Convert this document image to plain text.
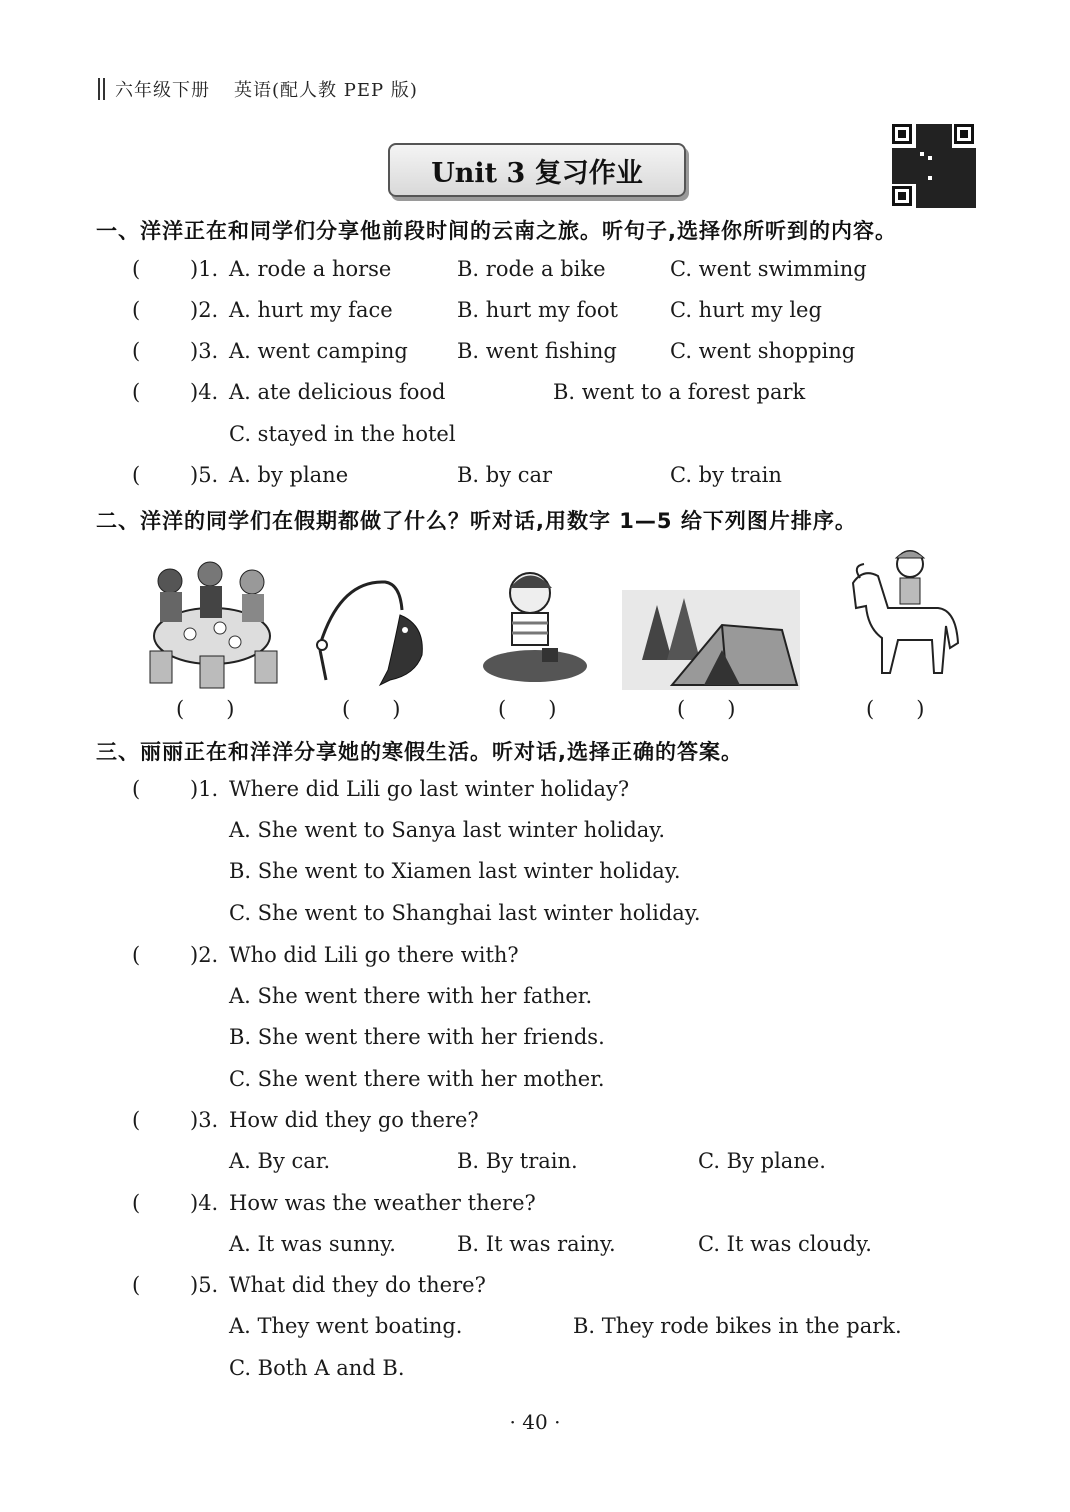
六年级下册 英语(配人教 PEP 版)
Unit 3 复习作业
一、洋洋正在和同学们分享他前段时间的云南之旅。听句子,选择你所听到的内容。
( )1. A. rode a horse	B. rode a bike	C. went swimming
( )2. A. hurt my face	B. hurt my foot C. hurt my leg
( )3. A. went camping B. went fishing	C. went shopping
( )4. A. ate delicious food	B. went to a forest park
C. stayed in the hotel
( )5. A. by plane	B. by car	C. by train
二、洋洋的同学们在假期都做了什么？听对话,用数字 1—5 给下列图片排序。
(　　)	(　　)	(　　)	(　　)	(　　)
三、丽丽正在和洋洋分享她的寒假生活。听对话,选择正确的答案。
( )1. Where did Lili go last winter holiday?
A. She went to Sanya last winter holiday.
B. She went to Xiamen last winter holiday.
C. She went to Shanghai last winter holiday.
( )2. Who did Lili go there with?
A. She went there with her father.
B. She went there with her friends.
C. She went there with her mother.
( )3. How did they go there?
A. By car.	B. By train.	C. By plane.
( )4. How was the weather there?
A. It was sunny.	B. It was rainy.	C. It was cloudy.
( )5. What did they do there?
A. They went boating.	B. They rode bikes in the park.
C. Both A and B.
· 40 ·
